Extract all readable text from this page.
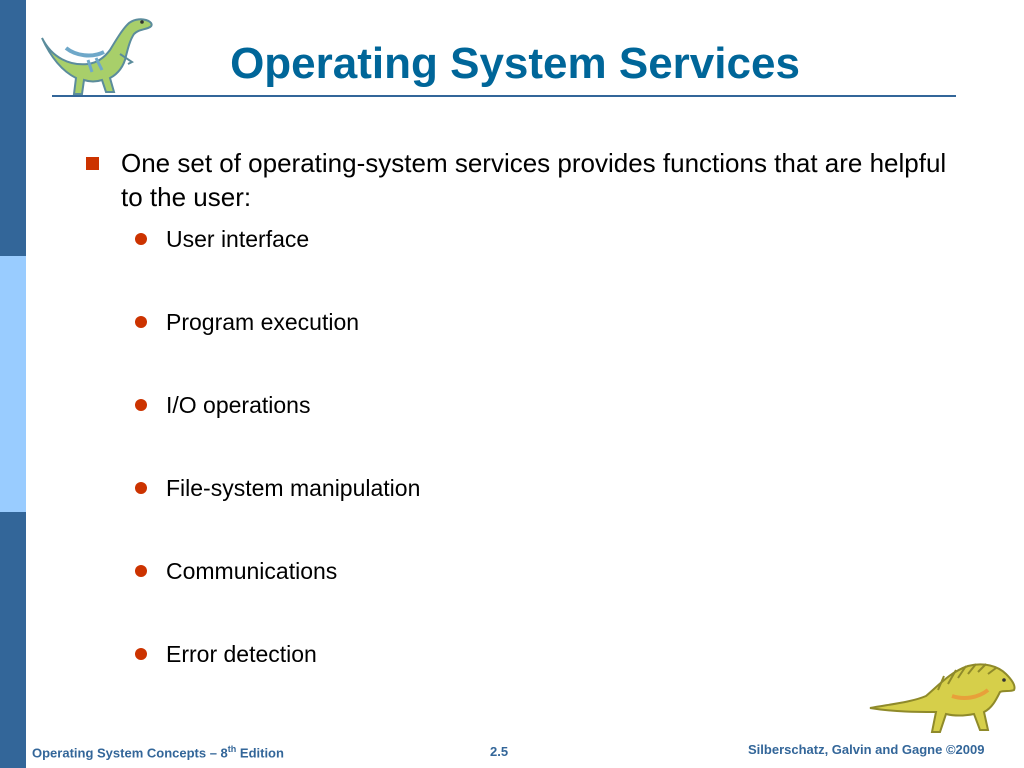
Operating System Services
One set of operating-system services provides functions that are helpful to the user:
User interface
Program execution
I/O operations
File-system manipulation
Communications
Error detection
Operating System Concepts – 8th Edition	2.5	Silberschatz, Galvin and Gagne ©2009
